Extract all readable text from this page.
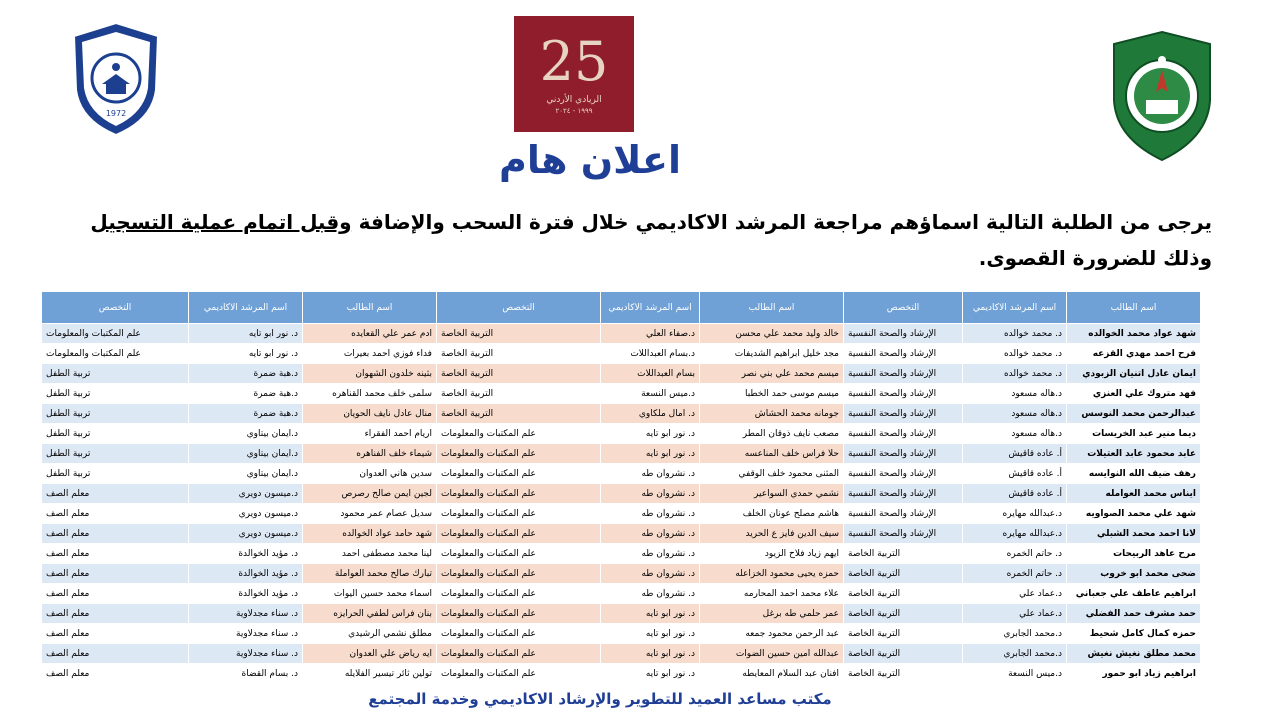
1972
25
الريادي الأردني
١٩٩٩ - ٢٠٢٤
اعلان هام
يرجى من الطلبة التالية اسماؤهم مراجعة المرشد الاكاديمي خلال فترة السحب والإضافة وقبل اتمام عملية التسجيل وذلك للضرورة القصوى.
اسم الطالب	اسم المرشد الاكاديمي	التخصص	اسم الطالب	اسم المرشد الاكاديمي	التخصص	اسم الطالب	اسم المرشد الاكاديمي	التخصص
شهد عواد محمد الخوالده	د. محمد خوالده	الإرشاد والصحة النفسية	خالد وليد محمد علي محسن	د.صفاء العلي	التربية الخاصة	ادم عمر علي القعايده	د. نور ابو تايه	علم المكتبات والمعلومات
فرح احمد مهدي القزعه	د. محمد خوالده	الإرشاد والصحة النفسية	مجد خليل ابراهيم الشديفات	د.بسام العبداللات	التربية الخاصة	فداء فوزي احمد بعيرات	د. نور ابو تايه	علم المكتبات والمعلومات
ايمان عادل اتنيان الزبودي	د. محمد خوالده	الإرشاد والصحة النفسية	ميسم محمد علي بني نصر	بسام العبداللات	التربية الخاصة	بثينه خلدون الشهوان	د.هبة ضمرة	تربية الطفل
فهد متروك علي العنزي	د.هاله مسعود	الإرشاد والصحة النفسية	ميسم موسى حمد الخطبا	د.ميس النسعة	التربية الخاصة	سلمى خلف محمد القناهره	د.هبة ضمرة	تربية الطفل
عبدالرحمن محمد النوسس	د.هاله مسعود	الإرشاد والصحة النفسية	جومانه محمد الحشاش	د. امال ملكاوي	التربية الخاصة	منال عادل نايف الحويان	د.هبة ضمرة	تربية الطفل
ديما منير عبد الخريسات	د.هاله مسعود	الإرشاد والصحة النفسية	مصعب نايف ذوقان المطر	د. نور ابو تايه	علم المكتبات والمعلومات	اريام احمد الفقراء	د.ايمان بيتاوي	تربية الطفل
عابد محمود عابد العتيلات	أ. عاده قاقيش	الإرشاد والصحة النفسية	حلا فراس خلف المناعسه	د. نور ابو تايه	علم المكتبات والمعلومات	شيماء خلف الفناهره	د.ايمان بيتاوي	تربية الطفل
رهف ضيف الله النوايسه	أ. عاده قاقيش	الإرشاد والصحة النفسية	المثنى محمود خلف الوقفي	د. نشروان طه	علم المكتبات والمعلومات	سدين هاني العدوان	د.ايمان بيتاوي	تربية الطفل
ايناس محمد العوامله	أ. عاده قاقيش	الإرشاد والصحة النفسية	نشمي حمدي السواعير	د. نشروان طه	علم المكتبات والمعلومات	لجين ايمن صالح رصرص	د.ميسون دويري	معلم الصف
شهد علي محمد الصواويه	د.عبدالله مهايره	الإرشاد والصحة النفسية	هاشم مصلح عونان الخلف	د. نشروان طه	علم المكتبات والمعلومات	سديل عصام عمر محمود	د.ميسون دويري	معلم الصف
لانا احمد محمد الشبلي	د.عبدالله مهايره	الإرشاد والصحة النفسية	سيف الدين فايز ع الحريد	د. نشروان طه	علم المكتبات والمعلومات	شهد حامد عواد الخوالده	د.ميسون دويري	معلم الصف
مرح عاهد الربيحات	د. حاتم الخمره	التربية الخاصة	ايهم زياد فلاح الزيود	د. نشروان طه	علم المكتبات والمعلومات	لينا محمد مصطفى احمد	د. مؤيد الخوالدة	معلم الصف
ضحى محمد ابو خروب	د. حاتم الخمره	التربية الخاصة	حمزه يحيى محمود الخزاعله	د. نشروان طه	علم المكتبات والمعلومات	تبارك صالح محمد العواملة	د. مؤيد الخوالدة	معلم الصف
ابراهيم عاطف علي جعباني	د.عماد علي	التربية الخاصة	علاء محمد احمد المحارمه	د. نشروان طه	علم المكتبات والمعلومات	اسماء محمد حسين اليوات	د. مؤيد الخوالدة	معلم الصف
حمد مشرف حمد الفضلي	د.عماد علي	التربية الخاصة	عمر حلمي طه برغل	د. نور ابو تايه	علم المكتبات والمعلومات	بنان فراس لطفي الحرايزه	د. سناء مجدلاوية	معلم الصف
حمزه كمال كامل شحيط	د.محمد الجابري	التربية الخاصة	عبد الرحمن محمود جمعه	د. نور ابو تايه	علم المكتبات والمعلومات	مطلق نشمي الرشيدي	د. سناء مجدلاوية	معلم الصف
محمد مطلق نغيش نغيش	د.محمد الجابري	التربية الخاصة	عبدالله امين حسين الضوات	د. نور ابو تايه	علم المكتبات والمعلومات	ايه رياض علي العدوان	د. سناء مجدلاوية	معلم الصف
ابراهيم زياد ابو حمور	د.ميس النسعة	التربية الخاصة	افنان عبد السلام المعايطه	د. نور ابو تايه	علم المكتبات والمعلومات	تولين ثائر تيسير الفلايله	د. بسام القضاة	معلم الصف
مكتب مساعد العميد للتطوير والإرشاد الاكاديمي وخدمة المجتمع
